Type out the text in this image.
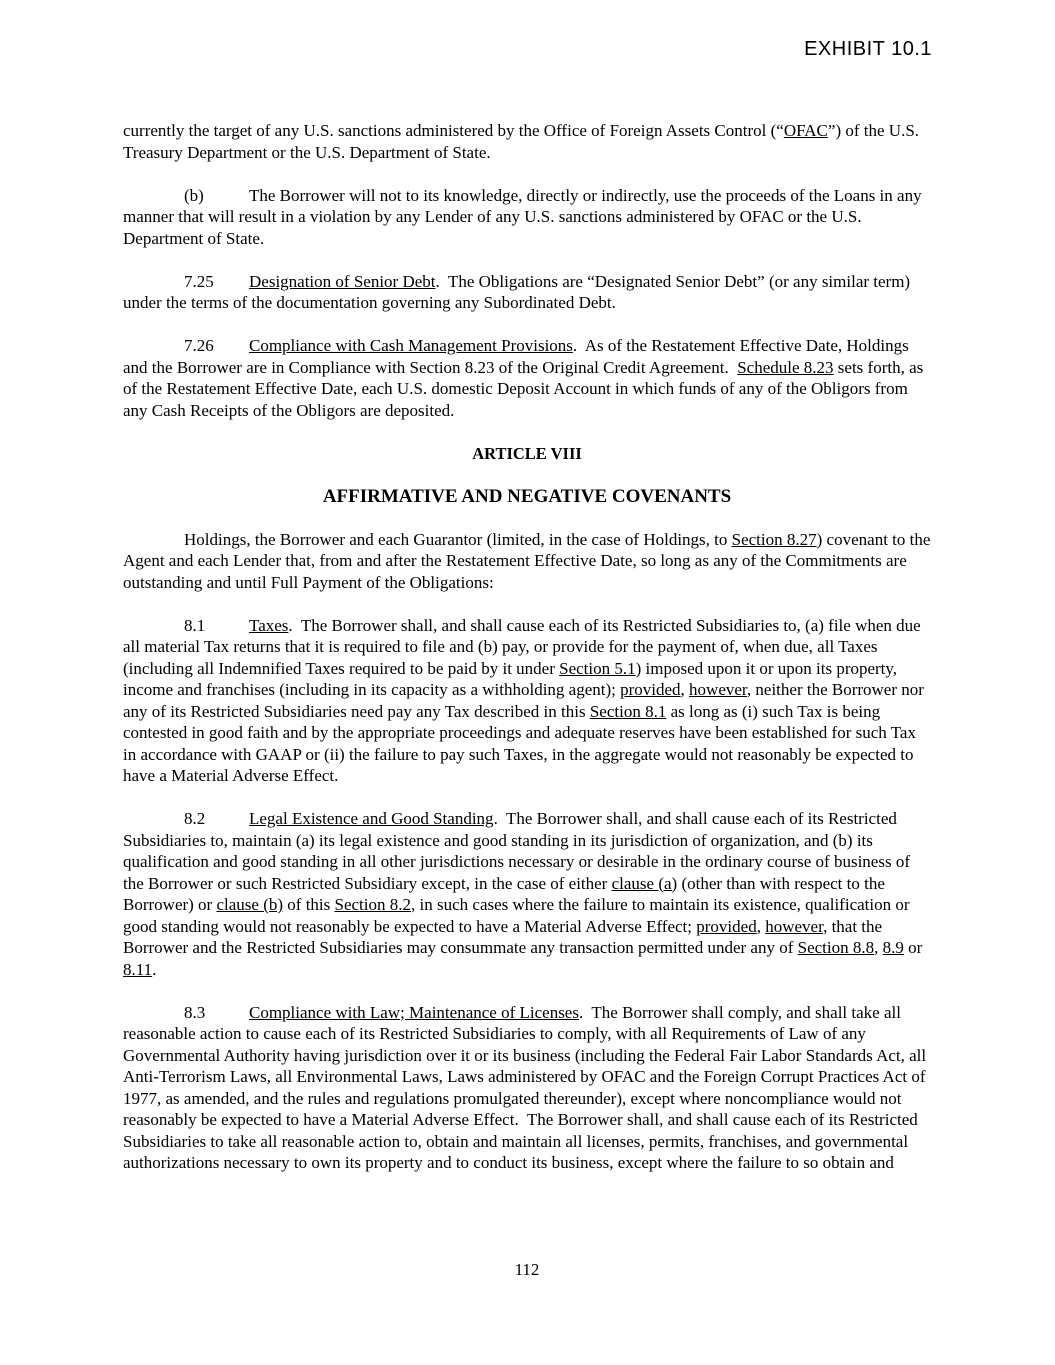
EXHIBIT 10.1

currently the target of any U.S. sanctions administered by the Office of Foreign Assets Control (“OFAC”) of the U.S. Treasury Department or the U.S. Department of State.

(b)	The Borrower will not to its knowledge, directly or indirectly, use the proceeds of the Loans in any manner that will result in a violation by any Lender of any U.S. sanctions administered by OFAC or the U.S. Department of State.

7.25 Designation of Senior Debt.  The Obligations are “Designated Senior Debt” (or any similar term) under the terms of the documentation governing any Subordinated Debt.

7.26 Compliance with Cash Management Provisions.  As of the Restatement Effective Date, Holdings and the Borrower are in Compliance with Section 8.23 of the Original Credit Agreement.  Schedule 8.23 sets forth, as of the Restatement Effective Date, each U.S. domestic Deposit Account in which funds of any of the Obligors from any Cash Receipts of the Obligors are deposited.

ARTICLE VIII

AFFIRMATIVE AND NEGATIVE COVENANTS

Holdings, the Borrower and each Guarantor (limited, in the case of Holdings, to Section 8.27) covenant to the Agent and each Lender that, from and after the Restatement Effective Date, so long as any of the Commitments are outstanding and until Full Payment of the Obligations:

8.1	Taxes.  The Borrower shall, and shall cause each of its Restricted Subsidiaries to, (a) file when due all material Tax returns that it is required to file and (b) pay, or provide for the payment of, when due, all Taxes (including all Indemnified Taxes required to be paid by it under Section 5.1) imposed upon it or upon its property, income and franchises (including in its capacity as a withholding agent); provided, however, neither the Borrower nor any of its Restricted Subsidiaries need pay any Tax described in this Section 8.1 as long as (i) such Tax is being contested in good faith and by the appropriate proceedings and adequate reserves have been established for such Tax in accordance with GAAP or (ii) the failure to pay such Taxes, in the aggregate would not reasonably be expected to have a Material Adverse Effect.

8.2	Legal Existence and Good Standing.  The Borrower shall, and shall cause each of its Restricted Subsidiaries to, maintain (a) its legal existence and good standing in its jurisdiction of organization, and (b) its qualification and good standing in all other jurisdictions necessary or desirable in the ordinary course of business of the Borrower or such Restricted Subsidiary except, in the case of either clause (a) (other than with respect to the Borrower) or clause (b) of this Section 8.2, in such cases where the failure to maintain its existence, qualification or good standing would not reasonably be expected to have a Material Adverse Effect; provided, however, that the Borrower and the Restricted Subsidiaries may consummate any transaction permitted under any of Section 8.8, 8.9 or 8.11.

8.3	Compliance with Law; Maintenance of Licenses.  The Borrower shall comply, and shall take all reasonable action to cause each of its Restricted Subsidiaries to comply, with all Requirements of Law of any Governmental Authority having jurisdiction over it or its business (including the Federal Fair Labor Standards Act, all Anti-Terrorism Laws, all Environmental Laws, Laws administered by OFAC and the Foreign Corrupt Practices Act of 1977, as amended, and the rules and regulations promulgated thereunder), except where noncompliance would not reasonably be expected to have a Material Adverse Effect.  The Borrower shall, and shall cause each of its Restricted Subsidiaries to take all reasonable action to, obtain and maintain all licenses, permits, franchises, and governmental authorizations necessary to own its property and to conduct its business, except where the failure to so obtain and

112
